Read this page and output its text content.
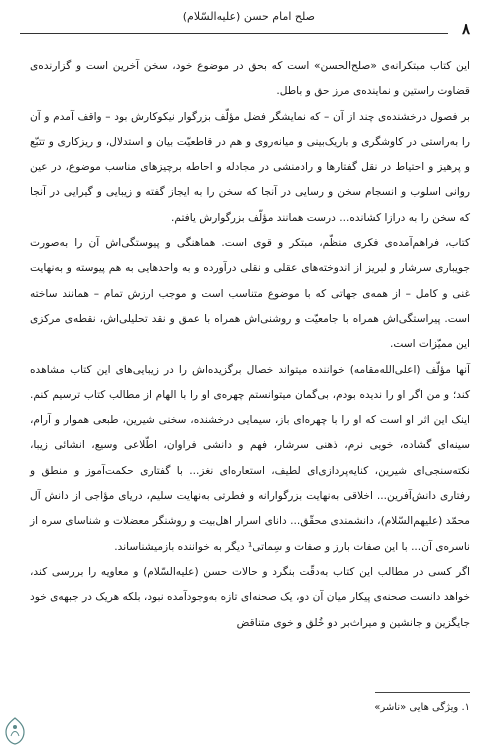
۸
صلح امام حسن (علیه‌السّلام)

این کتاب مبتکرانه‌ی «صلح‌الحسن» است که بحق در موضوع خود، سخن آخرین است و گزارنده‌ی قضاوت راستین و نماینده‌ی مرز حق و باطل.

بر فصول درخشنده‌ی چند از آن – که نمایشگر فضل مؤلّف بزرگوار نیکوکارش بود – واقف آمدم و آن را به‌راستی در کاوشگری و باریک‌بینی و میانه‌روی و هم در قاطعیّت بیان و استدلال، و ریزکاری و تتبّع و پرهیز و احتیاط در نقل گفتارها و رادمنشی در مجادله و احاطه برچیزهای مناسب موضوع، در عین روانی اسلوب و انسجام سخن و رسایی در آنجا که سخن را به ایجاز گفته و زیبایی و گیرایی در آنجا که سخن را به درازا کشانده... درست همانند مؤلّف بزرگوارش یافتم.

کتاب، فراهم‌آمده‌ی فکری منظّم، مبتکر و قوی است. هماهنگی و پیوستگی‌اش آن را به‌صورت جویباری سرشار و لبریز از اندوخته‌های عقلی و نقلی درآورده و به واحدهایی به هم پیوسته و به‌نهایت غنی و کامل – از همه‌ی جهاتی که با موضوع متناسب است و موجب ارزش تمام – همانند ساخته است. پیراستگی‌اش همراه با جامعیّت و روشنی‌اش همراه با عمق و نقد تحلیلی‌اش، نقطه‌ی مرکزی این ممیّزات است.

آنها مؤلّف (اعلی‌الله‌مقامه) خواننده میتواند خصال برگزیده‌اش را در زیبایی‌های این کتاب مشاهده کند؛ و من اگر او را ندیده بودم، بی‌گمان میتوانستم چهره‌ی او را با الهام از مطالب کتاب ترسیم کنم. اینک این اثر او است که او را با چهره‌ای باز، سیمایی درخشنده، سخنی شیرین، طبعی هموار و آرام، سینه‌ای گشاده، خویی نرم، ذهنی سرشار، فهم و دانشی فراوان، اطّلاعی وسیع، انشائی زیبا، نکته‌سنجی‌ای شیرین، کنایه‌پردازی‌ای لطیف، استعاره‌ای نغز... با گفتاری حکمت‌آموز و منطق و رفتاری دانش‌آفرین... اخلاقی به‌نهایت بزرگوارانه و فطرتی به‌نهایت سلیم، دریای مؤاجی از دانش آل محمّد (علیهم‌السّلام)، دانشمندی محقّق... دانای اسرار اهل‌بیت و روشنگر معضلات و شناسای سره از ناسره‌ی آن... با این صفات بارز و صفات و سِماتی¹ دیگر به خواننده بازمیشناساند.

اگر کسی در مطالب این کتاب به‌دقّت بنگرد و حالات حسن (علیه‌السّلام) و معاویه را بررسی کند، خواهد دانست صحنه‌ی پیکار میان آن دو، یک صحنه‌ای تازه به‌وجودآمده نبود، بلکه هریک در جبهه‌ی خود جایگزین و جانشین و میراث‌بر دو خُلق و خوی متناقض

۱. ویژگی هایی «ناشر»
